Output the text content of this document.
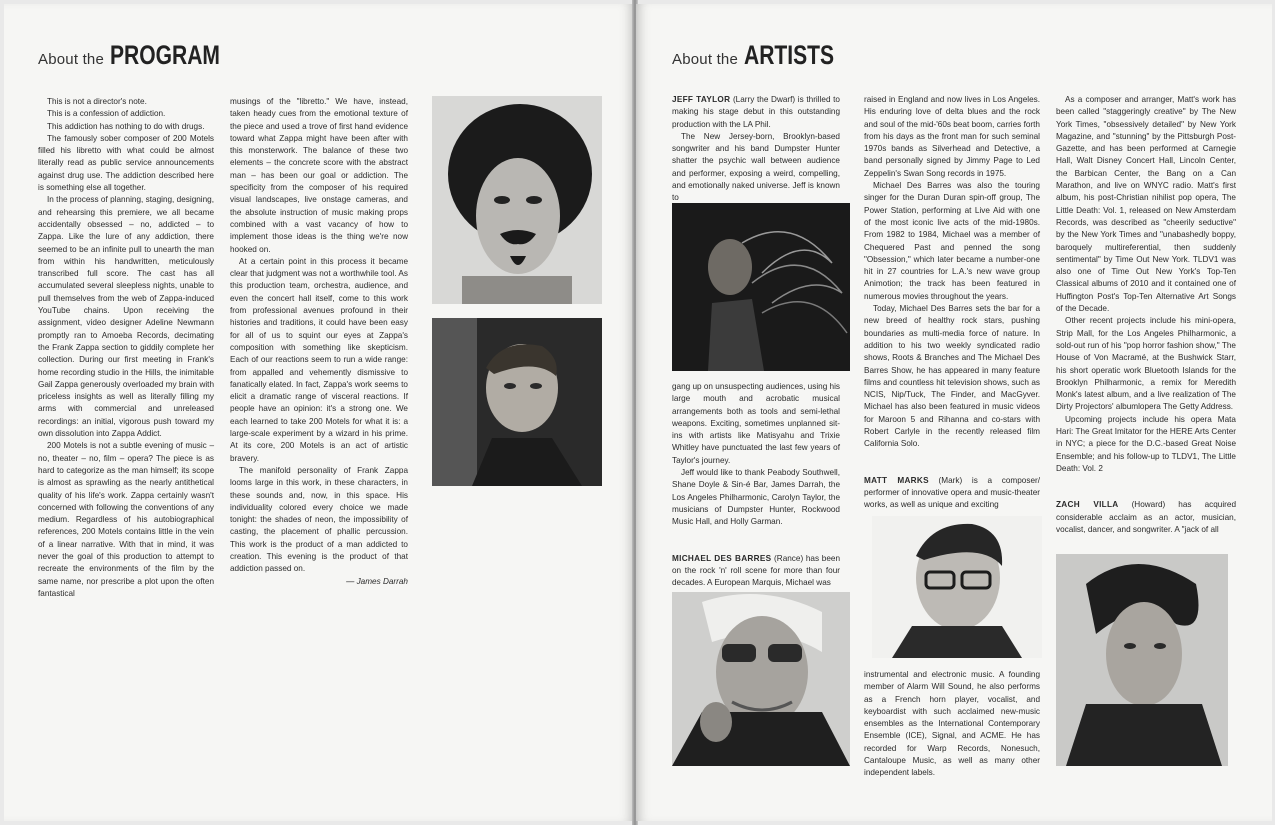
About the PROGRAM

This is not a director's note.

This is a confession of addiction.

This addiction has nothing to do with drugs.

The famously sober composer of 200 Motels filled his libretto with what could be almost literally read as public service announcements against drug use. The addiction described here is something else all together.

In the process of planning, staging, designing, and rehearsing this premiere, we all became accidentally obsessed – no, addicted – to Zappa. Like the lure of any addiction, there seemed to be an infinite pull to unearth the man from within his handwritten, meticulously transcribed full score. The cast has all accumulated several sleepless nights, unable to pull themselves from the web of Zappa-induced YouTube chains. Upon receiving the assignment, video designer Adeline Newmann promptly ran to Amoeba Records, decimating the Frank Zappa section to giddily complete her collection. During our first meeting in Frank's home recording studio in the Hills, the inimitable Gail Zappa generously overloaded my brain with priceless insights as well as literally filling my arms with commercial and unreleased recordings: an initial, vigorous push toward my own dissolution into Zappa Addict.

200 Motels is not a subtle evening of music – no, theater – no, film – opera? The piece is as hard to categorize as the man himself; its scope is almost as sprawling as the nearly antithetical quality of his life's work. Zappa certainly wasn't concerned with following the conventions of any medium. Regardless of his autobiographical references, 200 Motels contains little in the vein of a linear narrative. With that in mind, it was never the goal of this production to attempt to recreate the environments of the film by the same name, nor prescribe a plot upon the often fantastical

musings of the "libretto." We have, instead, taken heady cues from the emotional texture of the piece and used a trove of first hand evidence toward what Zappa might have been after with this monsterwork. The balance of these two elements – the concrete score with the abstract man – has been our goal or addiction. The specificity from the composer of his required visual landscapes, live onstage cameras, and the absolute instruction of music making props combined with a vast vacancy of how to implement those ideas is the thing we're now hooked on.

At a certain point in this process it became clear that judgment was not a worthwhile tool. As this production team, orchestra, audience, and even the concert hall itself, come to this work from professional avenues profound in their histories and traditions, it could have been easy for all of us to squint our eyes at Zappa's composition with something like skepticism. Each of our reactions seem to run a wide range: from appalled and vehemently dismissive to fanatically elated. In fact, Zappa's work seems to elicit a dramatic range of visceral reactions. If people have an opinion: it's a strong one. We each learned to take 200 Motels for what it is: a large-scale experiment by a wizard in his prime. At its core, 200 Motels is an act of artistic bravery.

The manifold personality of Frank Zappa looms large in this work, in these characters, in these sounds and, now, in this space. His individuality colored every choice we made tonight: the shades of neon, the impossibility of casting, the placement of phallic percussion. This work is the product of a man addicted to creation. This evening is the product of that addiction passed on.

— James Darrah

About the ARTISTS

JEFF TAYLOR (Larry the Dwarf) is thrilled to making his stage debut in this outstanding production with the LA Phil.

The New Jersey-born, Brooklyn-based songwriter and his band Dumpster Hunter shatter the psychic wall between audience and performer, exposing a weird, compelling, and emotionally naked universe. Jeff is known to

gang up on unsuspecting audiences, using his large mouth and acrobatic musical arrangements both as tools and semi-lethal weapons. Exciting, sometimes unplanned sit-ins with artists like Matisyahu and Trixie Whitley have punctuated the last few years of Taylor's journey.

Jeff would like to thank Peabody Southwell, Shane Doyle & Sin-é Bar, James Darrah, the Los Angeles Philharmonic, Carolyn Taylor, the musicians of Dumpster Hunter, Rockwood Music Hall, and Holly Garman.

MICHAEL DES BARRES (Rance) has been on the rock 'n' roll scene for more than four decades. A European Marquis, Michael was

raised in England and now lives in Los Angeles. His enduring love of delta blues and the rock and soul of the mid-'60s beat boom, carries forth from his days as the front man for such seminal 1970s bands as Silverhead and Detective, a band personally signed by Jimmy Page to Led Zeppelin's Swan Song records in 1975.

Michael Des Barres was also the touring singer for the Duran Duran spin-off group, The Power Station, performing at Live Aid with one of the most iconic live acts of the mid-1980s. From 1982 to 1984, Michael was a member of Chequered Past and penned the song "Obsession," which later became a number-one hit in 27 countries for L.A.'s new wave group Animotion; the track has been featured in numerous movies throughout the years.

Today, Michael Des Barres sets the bar for a new breed of healthy rock stars, pushing boundaries as multi-media force of nature. In addition to his two weekly syndicated radio shows, Roots & Branches and The Michael Des Barres Show, he has appeared in many feature films and countless hit television shows, such as NCIS, Nip/Tuck, The Finder, and MacGyver. Michael has also been featured in music videos for Maroon 5 and Rihanna and co-stars with Robert Carlyle in the recently released film California Solo.

MATT MARKS (Mark) is a composer/ performer of innovative opera and music-theater works, as well as unique and exciting

instrumental and electronic music. A founding member of Alarm Will Sound, he also performs as a French horn player, vocalist, and keyboardist with such acclaimed new-music ensembles as the International Contemporary Ensemble (ICE), Signal, and ACME. He has recorded for Warp Records, Nonesuch, Cantaloupe Music, as well as many other independent labels.

As a composer and arranger, Matt's work has been called "staggeringly creative" by The New York Times, "obsessively detailed" by New York Magazine, and "stunning" by the Pittsburgh Post-Gazette, and has been performed at Carnegie Hall, Walt Disney Concert Hall, Lincoln Center, the Barbican Center, the Bang on a Can Marathon, and live on WNYC radio. Matt's first album, his post-Christian nihilist pop opera, The Little Death: Vol. 1, released on New Amsterdam Records, was described as "cheerily seductive" by the New York Times and "unabashedly boppy, baroquely multireferential, then suddenly sentimental" by Time Out New York. TLDV1 was also one of Time Out New York's Top-Ten Classical albums of 2010 and it contained one of Huffington Post's Top-Ten Alternative Art Songs of the Decade.

Other recent projects include his mini-opera, Strip Mall, for the Los Angeles Philharmonic, a sold-out run of his "pop horror fashion show," The House of Von Macramé, at the Bushwick Starr, his short operatic work Bluetooth Islands for the Brooklyn Philharmonic, a remix for Meredith Monk's latest album, and a live realization of The Dirty Projectors' albumlopera The Getty Address.

Upcoming projects include his opera Mata Hari: The Great Imitator for the HERE Arts Center in NYC; a piece for the D.C.-based Great Noise Ensemble; and his follow-up to TLDV1, The Little Death: Vol. 2

ZACH VILLA (Howard) has acquired considerable acclaim as an actor, musician, vocalist, dancer, and songwriter. A "jack of all
